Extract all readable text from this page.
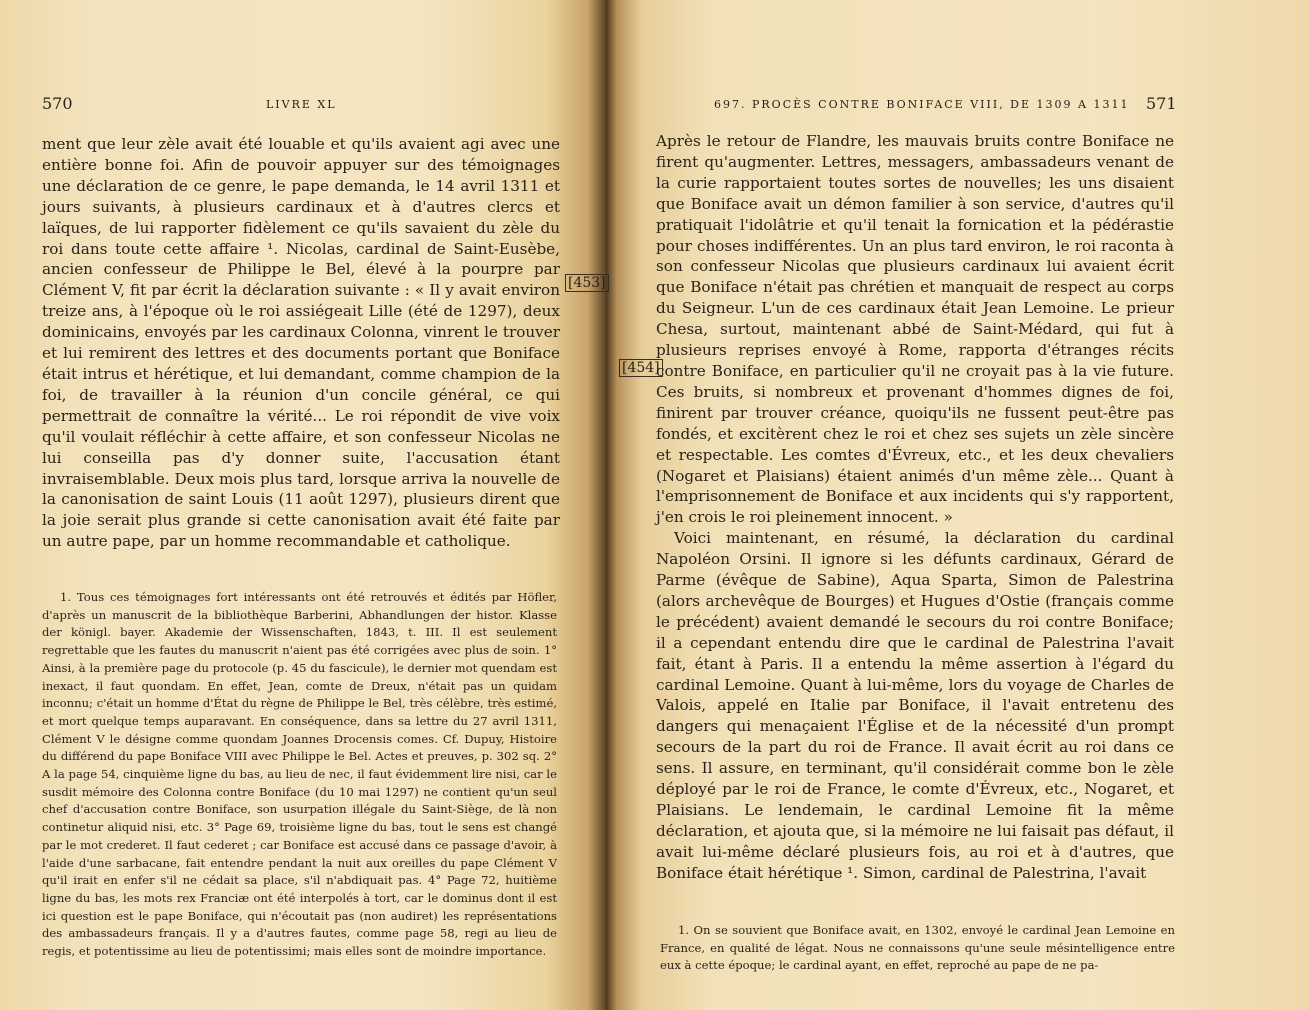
570	LIVRE XL

ment que leur zèle avait été louable et qu'ils avaient agi avec une entière bonne foi. Afin de pouvoir appuyer sur des témoignages une déclaration de ce genre, le pape demanda, le 14 avril 1311 et jours suivants, à plusieurs cardinaux et à d'autres clercs et laïques, de lui rapporter fidèlement ce qu'ils savaient du zèle du roi dans toute cette affaire ¹. Nicolas, cardinal de Saint-Eusèbe, ancien confesseur de Philippe le Bel, élevé à la pourpre par Clément V, fit par écrit la déclaration suivante : « Il y avait environ treize ans, à l'époque où le roi assiégeait Lille (été de 1297), deux dominicains, envoyés par les cardinaux Colonna, vinrent le trouver et lui remirent des lettres et des documents portant que Boniface était intrus et hérétique, et lui demandant, comme champion de la foi, de travailler à la réunion d'un concile général, ce qui permettrait de connaître la vérité... Le roi répondit de vive voix qu'il voulait réfléchir à cette affaire, et son confesseur Nicolas ne lui conseilla pas d'y donner suite, l'accusation étant invraisemblable. Deux mois plus tard, lorsque arriva la nouvelle de la canonisation de saint Louis (11 août 1297), plusieurs dirent que la joie serait plus grande si cette canonisation avait été faite par un autre pape, par un homme recommandable et catholique.

1. Tous ces témoignages fort intéressants ont été retrouvés et édités par Höfler, d'après un manuscrit de la bibliothèque Barberini, Abhandlungen der histor. Klasse der königl. bayer. Akademie der Wissenschaften, 1843, t. III. Il est seulement regrettable que les fautes du manuscrit n'aient pas été corrigées avec plus de soin. 1° Ainsi, à la première page du protocole (p. 45 du fascicule), le dernier mot quendam est inexact, il faut quondam. En effet, Jean, comte de Dreux, n'était pas un quidam inconnu; c'était un homme d'État du règne de Philippe le Bel, très célèbre, très estimé, et mort quelque temps auparavant. En conséquence, dans sa lettre du 27 avril 1311, Clément V le désigne comme quondam Joannes Drocensis comes. Cf. Dupuy, Histoire du différend du pape Boniface VIII avec Philippe le Bel. Actes et preuves, p. 302 sq. 2° A la page 54, cinquième ligne du bas, au lieu de nec, il faut évidemment lire nisi, car le susdit mémoire des Colonna contre Boniface (du 10 mai 1297) ne contient qu'un seul chef d'accusation contre Boniface, son usurpation illégale du Saint-Siège, de là non continetur aliquid nisi, etc. 3° Page 69, troisième ligne du bas, tout le sens est changé par le mot crederet. Il faut cederet ; car Boniface est accusé dans ce passage d'avoir, à l'aide d'une sarbacane, fait entendre pendant la nuit aux oreilles du pape Clément V qu'il irait en enfer s'il ne cédait sa place, s'il n'abdiquait pas. 4° Page 72, huitième ligne du bas, les mots rex Franciæ ont été interpolés à tort, car le dominus dont il est ici question est le pape Boniface, qui n'écoutait pas (non audiret) les représentations des ambassadeurs français. Il y a d'autres fautes, comme page 58, regi au lieu de regis, et potentissime au lieu de potentissimi; mais elles sont de moindre importance.

697. PROCÈS CONTRE BONIFACE VIII, DE 1309 A 1311 571

Après le retour de Flandre, les mauvais bruits contre Boniface ne firent qu'augmenter. Lettres, messagers, ambassadeurs venant de la curie rapportaient toutes sortes de nouvelles; les uns disaient que Boniface avait un démon familier à son service, d'autres qu'il pratiquait l'idolâtrie et qu'il tenait la fornication et la pédérastie pour choses indifférentes. Un an plus tard environ, le roi raconta à son confesseur Nicolas que plusieurs cardinaux lui avaient écrit que Boniface n'était pas chrétien et manquait de respect au corps du Seigneur. L'un de ces cardinaux était Jean Lemoine. Le prieur Chesa, surtout, maintenant abbé de Saint-Médard, qui fut à plusieurs reprises envoyé à Rome, rapporta d'étranges récits contre Boniface, en particulier qu'il ne croyait pas à la vie future. Ces bruits, si nombreux et provenant d'hommes dignes de foi, finirent par trouver créance, quoiqu'ils ne fussent peut-être pas fondés, et excitèrent chez le roi et chez ses sujets un zèle sincère et respectable. Les comtes d'Évreux, etc., et les deux chevaliers (Nogaret et Plaisians) étaient animés d'un même zèle... Quant à l'emprisonnement de Boniface et aux incidents qui s'y rapportent, j'en crois le roi pleinement innocent. »

Voici maintenant, en résumé, la déclaration du cardinal Napoléon Orsini. Il ignore si les défunts cardinaux, Gérard de Parme (évêque de Sabine), Aqua Sparta, Simon de Palestrina (alors archevêque de Bourges) et Hugues d'Ostie (français comme le précédent) avaient demandé le secours du roi contre Boniface; il a cependant entendu dire que le cardinal de Palestrina l'avait fait, étant à Paris. Il a entendu la même assertion à l'égard du cardinal Lemoine. Quant à lui-même, lors du voyage de Charles de Valois, appelé en Italie par Boniface, il l'avait entretenu des dangers qui menaçaient l'Église et de la nécessité d'un prompt secours de la part du roi de France. Il avait écrit au roi dans ce sens. Il assure, en terminant, qu'il considérait comme bon le zèle déployé par le roi de France, le comte d'Évreux, etc., Nogaret, et Plaisians. Le lendemain, le cardinal Lemoine fit la même déclaration, et ajouta que, si la mémoire ne lui faisait pas défaut, il avait lui-même déclaré plusieurs fois, au roi et à d'autres, que Boniface était hérétique ¹. Simon, cardinal de Palestrina, l'avait

1. On se souvient que Boniface avait, en 1302, envoyé le cardinal Jean Lemoine en France, en qualité de légat. Nous ne connaissons qu'une seule mésintelligence entre eux à cette époque; le cardinal ayant, en effet, reproché au pape de ne pa-

[453]
[454]
